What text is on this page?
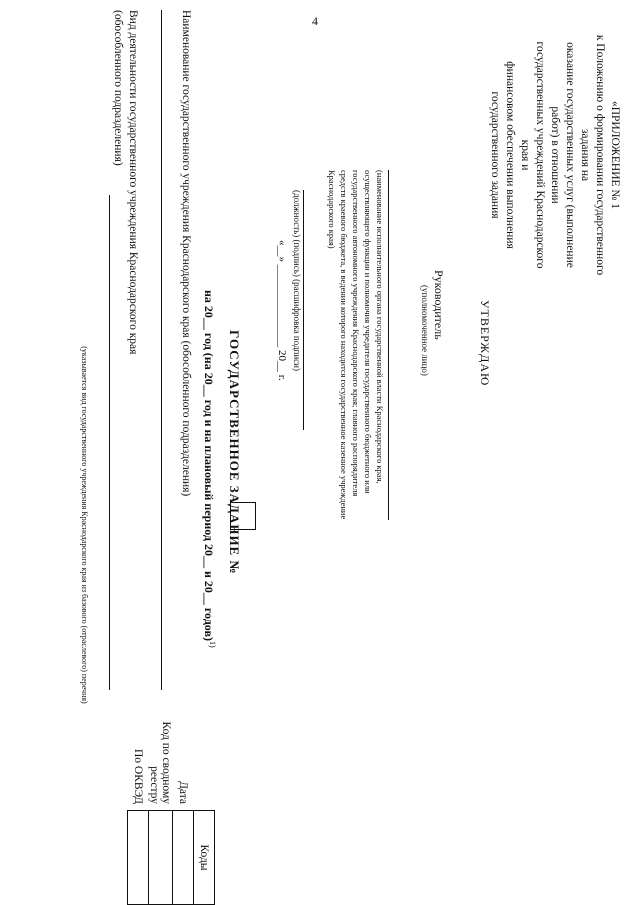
4
«ПРИЛОЖЕНИЕ № 1
к Положению о формировании государственного задания на
оказание государственных услуг (выполнение работ) в отношении
государственных учреждений Краснодарского края и
финансовом обеспечении выполнения государственного задания
УТВЕРЖДАЮ
Руководитель
(уполномоченное лицо)
(наименование исполнительного органа государственной власти Краснодарского края, осуществляющего функции и полномочия учредителя государственного бюджетного или государственного автономного учреждения Краснодарского края; главного распорядителя средств краевого бюджета, в ведении которого находится государственное казенное учреждение Краснодарского края)
(должность) (подпись) (расшифровка подписи)
«__» _______________ 20__ г.
ГОСУДАРСТВЕННОЕ ЗАДАНИЕ №
на 20__ год (на 20__ год и на плановый период 20__ и 20__ годов)$^{1)}$
Наименование государственного учреждения Краснодарского края (обособленного подразделения)
Вид деятельности государственного учреждения Краснодарского края
(обособленного подразделения)
(указывается вид государственного учреждения Краснодарского края из базового (отраслевого) перечня)
	Коды
Дата	
Код по сводному реестру	
По ОКВЭД	
